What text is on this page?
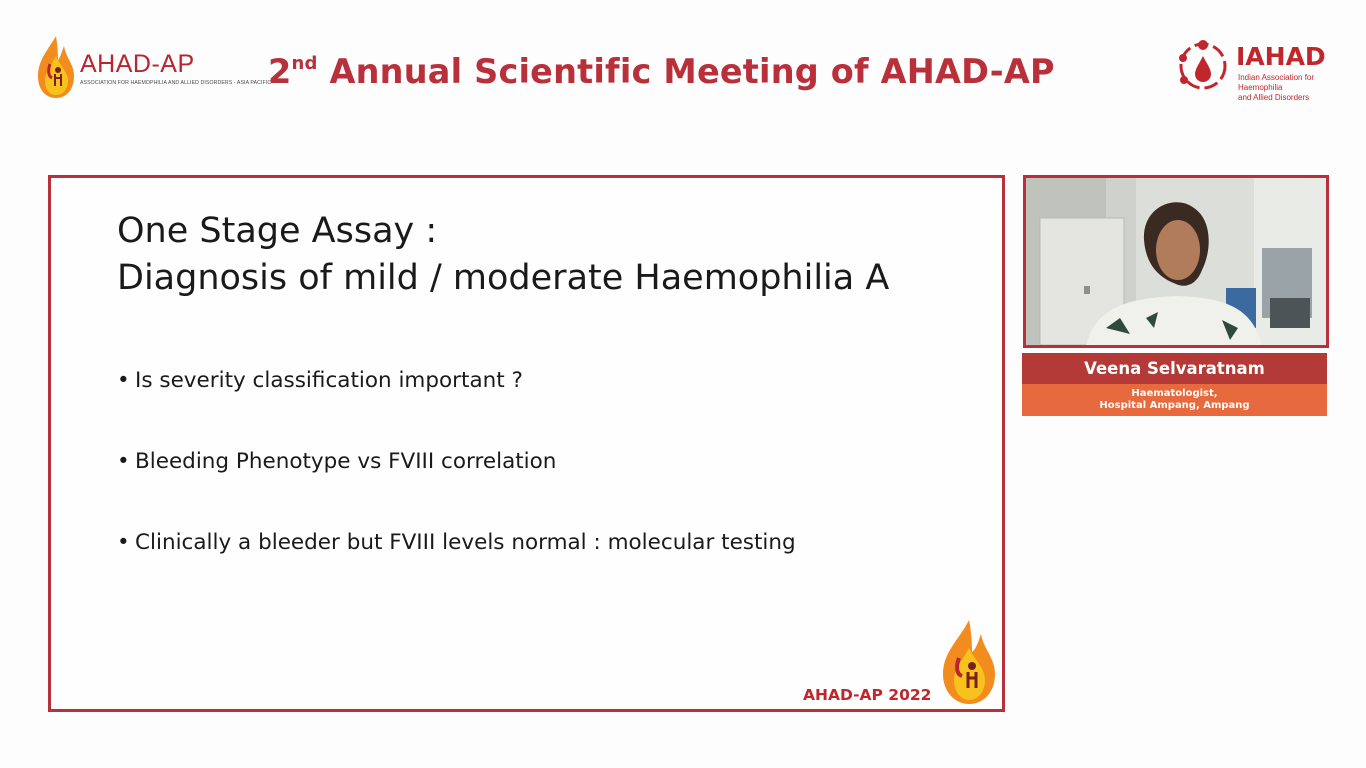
AHAD-AP
ASSOCIATION FOR HAEMOPHILIA AND ALLIED DISORDERS - ASIA PACIFIC
2nd Annual Scientific Meeting of AHAD-AP	IAHAD
Indian Association for Haemophilia
and Allied Disorders
One Stage Assay :
Diagnosis of mild / moderate Haemophilia A
• Is severity classification important ?
• Bleeding Phenotype vs FVIII correlation
• Clinically a bleeder but FVIII levels normal : molecular testing
AHAD-AP 2022
Veena Selvaratnam
Haematologist,
Hospital Ampang, Ampang
